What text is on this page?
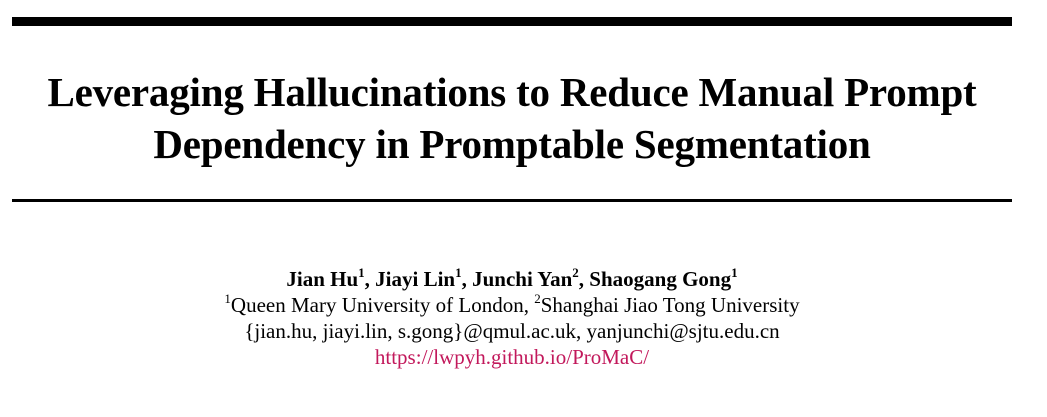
Leveraging Hallucinations to Reduce Manual Prompt
Dependency in Promptable Segmentation
Jian Hu$^1$, Jiayi Lin$^1$, Junchi Yan$^2$, Shaogang Gong$^1$
$^1$Queen Mary University of London, $^2$Shanghai Jiao Tong University
{jian.hu, jiayi.lin, s.gong}@qmul.ac.uk, yanjunchi@sjtu.edu.cn
https://lwpyh.github.io/ProMaC/
